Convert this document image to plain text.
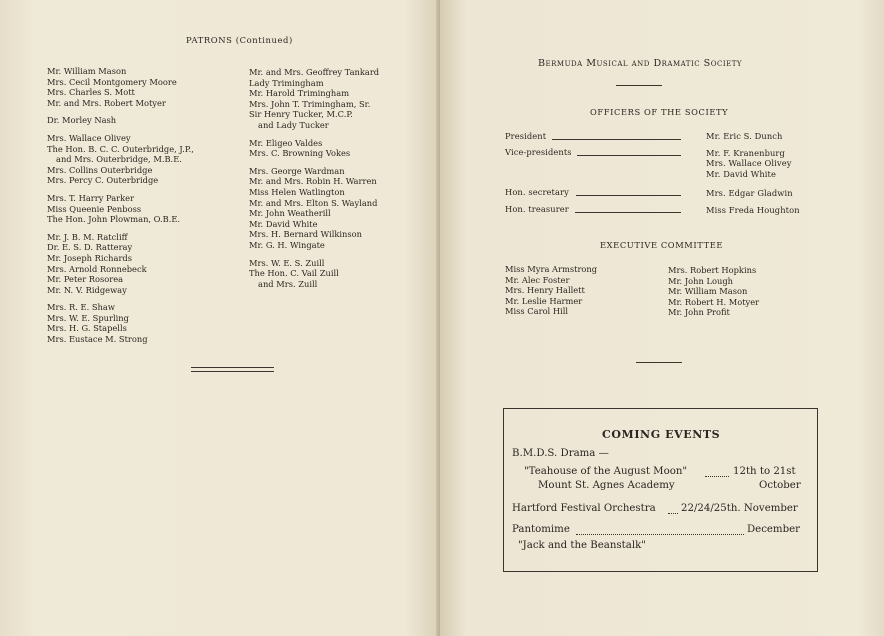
PATRONS (Continued)
Mr. William Mason
Mrs. Cecil Montgomery Moore
Mrs. Charles S. Mott
Mr. and Mrs. Robert Motyer
Dr. Morley Nash
Mrs. Wallace Olivey
The Hon. B. C. C. Outerbridge, J.P.,
and Mrs. Outerbridge, M.B.E.
Mrs. Collins Outerbridge
Mrs. Percy C. Outerbridge
Mrs. T. Harry Parker
Miss Queenie Penboss
The Hon. John Plowman, O.B.E.
Mr. J. B. M. Ratcliff
Dr. E. S. D. Ratteray
Mr. Joseph Richards
Mrs. Arnold Ronnebeck
Mr. Peter Rosorea
Mr. N. V. Ridgeway
Mrs. R. E. Shaw
Mrs. W. E. Spurling
Mrs. H. G. Stapells
Mrs. Eustace M. Strong
Mr. and Mrs. Geoffrey Tankard
Lady Trimingham
Mr. Harold Trimingham
Mrs. John T. Trimingham, Sr.
Sir Henry Tucker, M.C.P.
and Lady Tucker
Mr. Eligeo Valdes
Mrs. C. Browning Vokes
Mrs. George Wardman
Mr. and Mrs. Robin H. Warren
Miss Helen Watlington
Mr. and Mrs. Elton S. Wayland
Mr. John Weatherill
Mr. David White
Mrs. H. Bernard Wilkinson
Mr. G. H. Wingate
Mrs. W. E. S. Zuill
The Hon. C. Vail Zuill
and Mrs. Zuill
Bermuda Musical and Dramatic Society
OFFICERS OF THE SOCIETY
President	Mr. Eric S. Dunch
Vice-presidents	Mr. F. Kranenburg
Mrs. Wallace Olivey
Mr. David White
Hon. secretary	Mrs. Edgar Gladwin
Hon. treasurer	Miss Freda Houghton
EXECUTIVE COMMITTEE
Miss Myra Armstrong
Mr. Alec Foster
Mrs. Henry Hallett
Mr. Leslie Harmer
Miss Carol Hill
Mrs. Robert Hopkins
Mr. John Lough
Mr. William Mason
Mr. Robert H. Motyer
Mr. John Profit
COMING EVENTS
B.M.D.S. Drama —
"Teahouse of the August Moon"	12th to 21st
Mount St. Agnes Academy	October
Hartford Festival Orchestra 22/24/25th. November
Pantomime	December
"Jack and the Beanstalk"
